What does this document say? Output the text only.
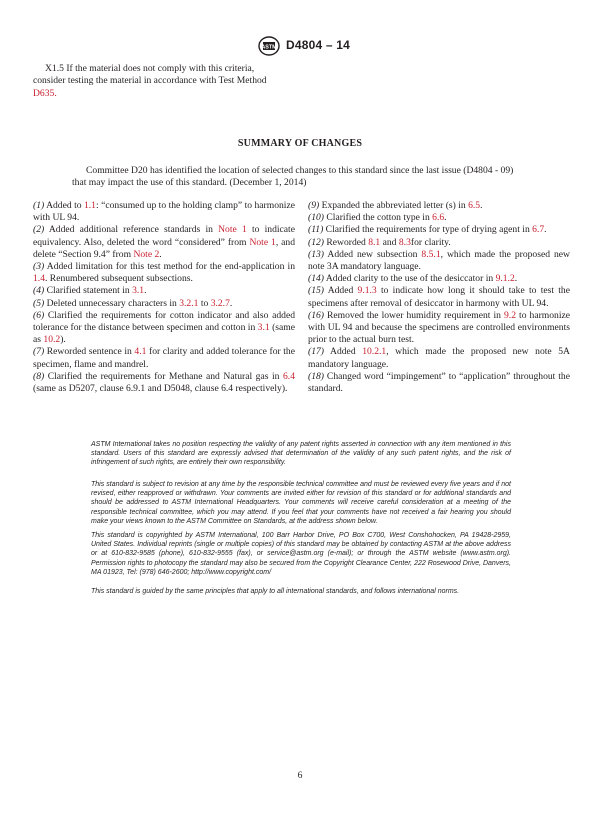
ASTM D4804 – 14
X1.5 If the material does not comply with this criteria,
consider testing the material in accordance with Test Method
D635.
SUMMARY OF CHANGES
Committee D20 has identified the location of selected changes to this standard since the last issue (D4804 - 09)
that may impact the use of this standard. (December 1, 2014)

(1) Added to 1.1: “consumed up to the holding clamp” to harmonize with UL 94.

(2) Added additional reference standards in Note 1 to indicate equivalency. Also, deleted the word “considered” from Note 1, and delete “Section 9.4” from Note 2.

(3) Added limitation for this test method for the end-application in 1.4. Renumbered subsequent subsections.

(4) Clarified statement in 3.1.

(5) Deleted unnecessary characters in 3.2.1 to 3.2.7.

(6) Clarified the requirements for cotton indicator and also added tolerance for the distance between specimen and cotton in 3.1 (same as 10.2).

(7) Reworded sentence in 4.1 for clarity and added tolerance for the specimen, flame and mandrel.

(8) Clarified the requirements for Methane and Natural gas in 6.4 (same as D5207, clause 6.9.1 and D5048, clause 6.4 respectively).

(9) Expanded the abbreviated letter (s) in 6.5.

(10) Clarified the cotton type in 6.6.

(11) Clarified the requirements for type of drying agent in 6.7.

(12) Reworded 8.1 and 8.3for clarity.

(13) Added new subsection 8.5.1, which made the proposed new note 3A mandatory language.

(14) Added clarity to the use of the desiccator in 9.1.2.

(15) Added 9.1.3 to indicate how long it should take to test the specimens after removal of desiccator in harmony with UL 94.

(16) Removed the lower humidity requirement in 9.2 to harmonize with UL 94 and because the specimens are controlled environments prior to the actual burn test.

(17) Added 10.2.1, which made the proposed new note 5A mandatory language.

(18) Changed word “impingement” to “application” throughout the standard.

ASTM International takes no position respecting the validity of any patent rights asserted in connection with any item mentioned in this standard. Users of this standard are expressly advised that determination of the validity of any such patent rights, and the risk of infringement of such rights, are entirely their own responsibility.
This standard is subject to revision at any time by the responsible technical committee and must be reviewed every five years and if not revised, either reapproved or withdrawn. Your comments are invited either for revision of this standard or for additional standards and should be addressed to ASTM International Headquarters. Your comments will receive careful consideration at a meeting of the responsible technical committee, which you may attend. If you feel that your comments have not received a fair hearing you should make your views known to the ASTM Committee on Standards, at the address shown below.
This standard is copyrighted by ASTM International, 100 Barr Harbor Drive, PO Box C700, West Conshohocken, PA 19428-2959, United States. Individual reprints (single or multiple copies) of this standard may be obtained by contacting ASTM at the above address or at 610-832-9585 (phone), 610-832-9555 (fax), or service@astm.org (e-mail); or through the ASTM website (www.astm.org). Permission rights to photocopy the standard may also be secured from the Copyright Clearance Center, 222 Rosewood Drive, Danvers, MA 01923, Tel: (978) 646-2600; http://www.copyright.com/
This standard is guided by the same principles that apply to all international standards, and follows international norms.
6
